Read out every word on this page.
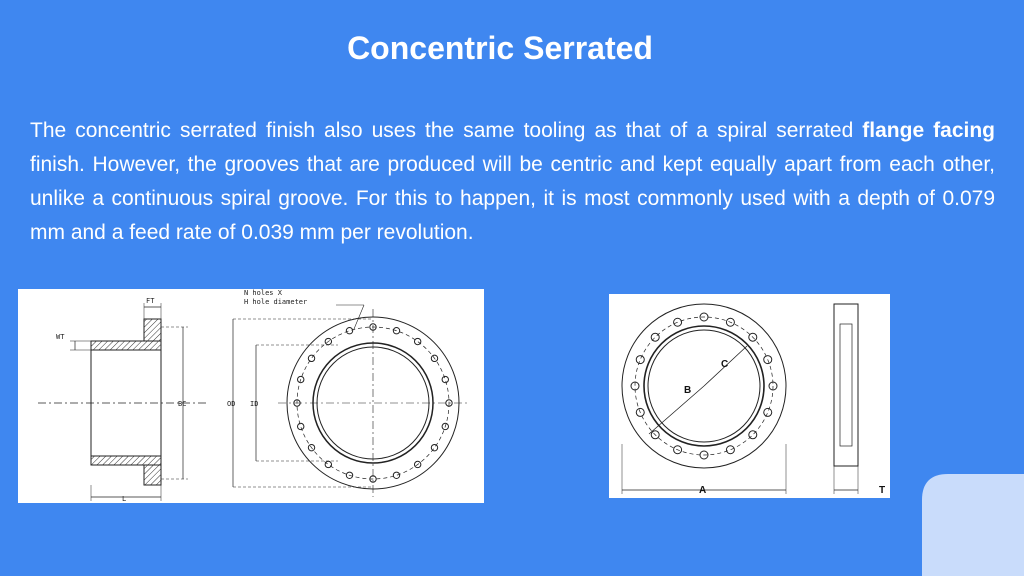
Concentric Serrated
The concentric serrated finish also uses the same tooling as that of a spiral serrated flange facing finish. However, the grooves that are produced will be centric and kept equally apart from each other, unlike a continuous spiral groove. For this to happen, it is most commonly used with a depth of 0.079 mm and a feed rate of 0.039 mm per revolution.
FT
WT
BC
L
OD ID
N holes X
H hole diameter
B
C
A	T
